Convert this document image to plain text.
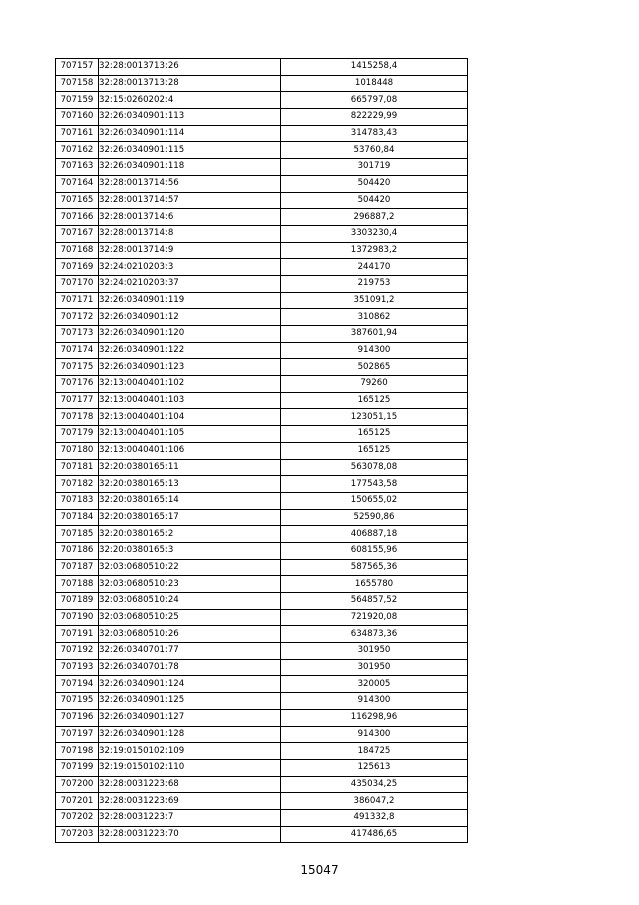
707157	32:28:0013713:26	1415258,4
707158	32:28:0013713:28	1018448
707159	32:15:0260202:4	665797,08
707160	32:26:0340901:113	822229,99
707161	32:26:0340901:114	314783,43
707162	32:26:0340901:115	53760,84
707163	32:26:0340901:118	301719
707164	32:28:0013714:56	504420
707165	32:28:0013714:57	504420
707166	32:28:0013714:6	296887,2
707167	32:28:0013714:8	3303230,4
707168	32:28:0013714:9	1372983,2
707169	32:24:0210203:3	244170
707170	32:24:0210203:37	219753
707171	32:26:0340901:119	351091,2
707172	32:26:0340901:12	310862
707173	32:26:0340901:120	387601,94
707174	32:26:0340901:122	914300
707175	32:26:0340901:123	502865
707176	32:13:0040401:102	79260
707177	32:13:0040401:103	165125
707178	32:13:0040401:104	123051,15
707179	32:13:0040401:105	165125
707180	32:13:0040401:106	165125
707181	32:20:0380165:11	563078,08
707182	32:20:0380165:13	177543,58
707183	32:20:0380165:14	150655,02
707184	32:20:0380165:17	52590,86
707185	32:20:0380165:2	406887,18
707186	32:20:0380165:3	608155,96
707187	32:03:0680510:22	587565,36
707188	32:03:0680510:23	1655780
707189	32:03:0680510:24	564857,52
707190	32:03:0680510:25	721920,08
707191	32:03:0680510:26	634873,36
707192	32:26:0340701:77	301950
707193	32:26:0340701:78	301950
707194	32:26:0340901:124	320005
707195	32:26:0340901:125	914300
707196	32:26:0340901:127	116298,96
707197	32:26:0340901:128	914300
707198	32:19:0150102:109	184725
707199	32:19:0150102:110	125613
707200	32:28:0031223:68	435034,25
707201	32:28:0031223:69	386047,2
707202	32:28:0031223:7	491332,8
707203	32:28:0031223:70	417486,65
15047
